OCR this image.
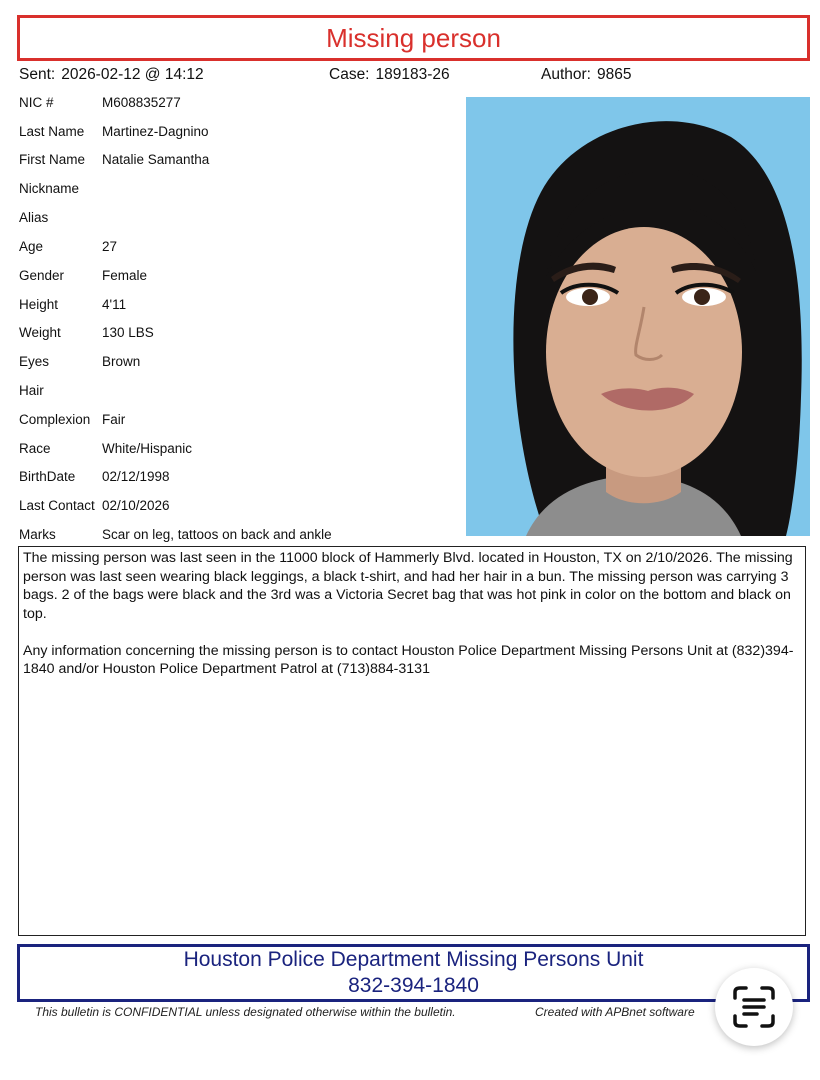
Missing person
Sent: 2026-02-12 @ 14:12	Case: 189183-26	Author: 9865
NIC #	M608835277
Last Name Martinez-Dagnino
First Name Natalie Samantha
Nickname
Alias
Age	27
Gender	Female
Height	4'11
Weight	130 LBS
Eyes	Brown
Hair
Complexion Fair
Race	White/Hispanic
BirthDate 02/12/1998
Last Contact 02/10/2026
Marks	Scar on leg, tattoos on back and ankle

The missing person was last seen in the 11000 block of Hammerly Blvd. located in Houston, TX on 2/10/2026. The missing person was last seen wearing black leggings, a black t-shirt, and had her hair in a bun. The missing person was carrying 3 bags. 2 of the bags were black and the 3rd was a Victoria Secret bag that was hot pink in color on the bottom and black on top.

Any information concerning the missing person is to contact Houston Police Department Missing Persons Unit at (832)394-1840 and/or Houston Police Department Patrol at (713)884-3131

Houston Police Department Missing Persons Unit
832-394-1840
This bulletin is CONFIDENTIAL unless designated otherwise within the bulletin.	Created with APBnet software
